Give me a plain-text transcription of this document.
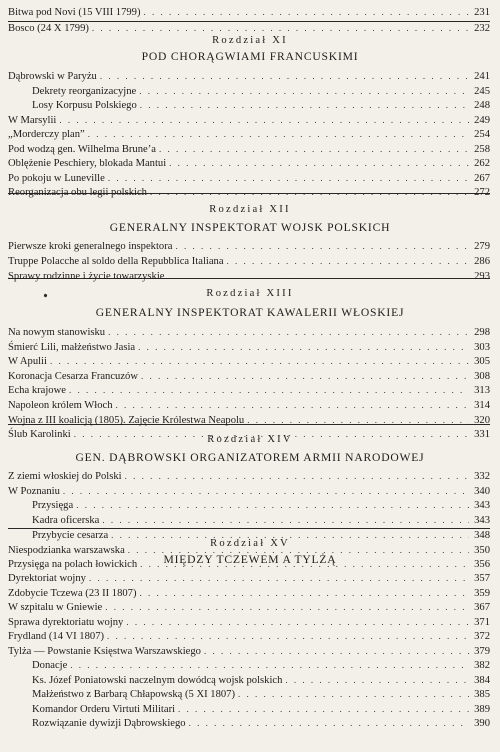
Bitwa pod Novi (15 VIII 1799) . . .	231
Bosco (24 X 1799) . . .	232
Rozdział XI
POD CHORĄGWIAMI FRANCUSKIMI
Dąbrowski w Paryżu . . .	241
Dekrety reorganizacyjne . . .	245
Losy Korpusu Polskiego . . .	248
W Marsylii . . .	249
„Morderczy plan” . . .	254
Pod wodzą gen. Wilhelma Brune’a . . .	258
Oblężenie Peschiery, blokada Mantui . . .	262
Po pokoju w Luneville . . .	267
Reorganizacja obu legii polskich . . .	272
Rozdział XII
GENERALNY INSPEKTORAT WOJSK POLSKICH
Pierwsze kroki generalnego inspektora . . .	279
Truppe Polacche al soldo della Repubblica Italiana . . .	286
Sprawy rodzinne i życie towarzyskie . . .	293
Rozdział XIII
GENERALNY INSPEKTORAT KAWALERII WŁOSKIEJ
Na nowym stanowisku . . .	298
Śmierć Lili, małżeństwo Jasia . . .	303
W Apulii . . .	305
Koronacja Cesarza Francuzów . . .	308
Echa krajowe . . .	313
Napoleon królem Włoch . . .	314
Wojna z III koalicją (1805). Zajęcie Królestwa Neapolu . . .	320
Ślub Karolinki . . .	331
Rozdział XIV
GEN. DĄBROWSKI ORGANIZATOREM ARMII NARODOWEJ
Z ziemi włoskiej do Polski . . .	332
W Poznaniu . . .	340
Przysięga . . .	343
Kadra oficerska . . .	343
Przybycie cesarza . . .	348
Niespodzianka warszawska . . .	350
Przysięga na polach łowickich . . .	356
Rozdział XV
MIĘDZY TCZEWEM A TYLŻĄ
Dyrektoriat wojny . . .	357
Zdobycie Tczewa (23 II 1807) . . .	359
W szpitalu w Gniewie . . .	367
Sprawa dyrektoriatu wojny . . .	371
Frydland (14 VI 1807) . . .	372
Tylża — Powstanie Księstwa Warszawskiego . . .	379
Donacje . . .	382
Ks. Józef Poniatowski naczelnym dowódcą wojsk polskich . . .	384
Małżeństwo z Barbarą Chłapowską (5 XI 1807) . . .	385
Komandor Orderu Virtuti Militari . . .	389
Rozwiązanie dywizji Dąbrowskiego . . .	390
